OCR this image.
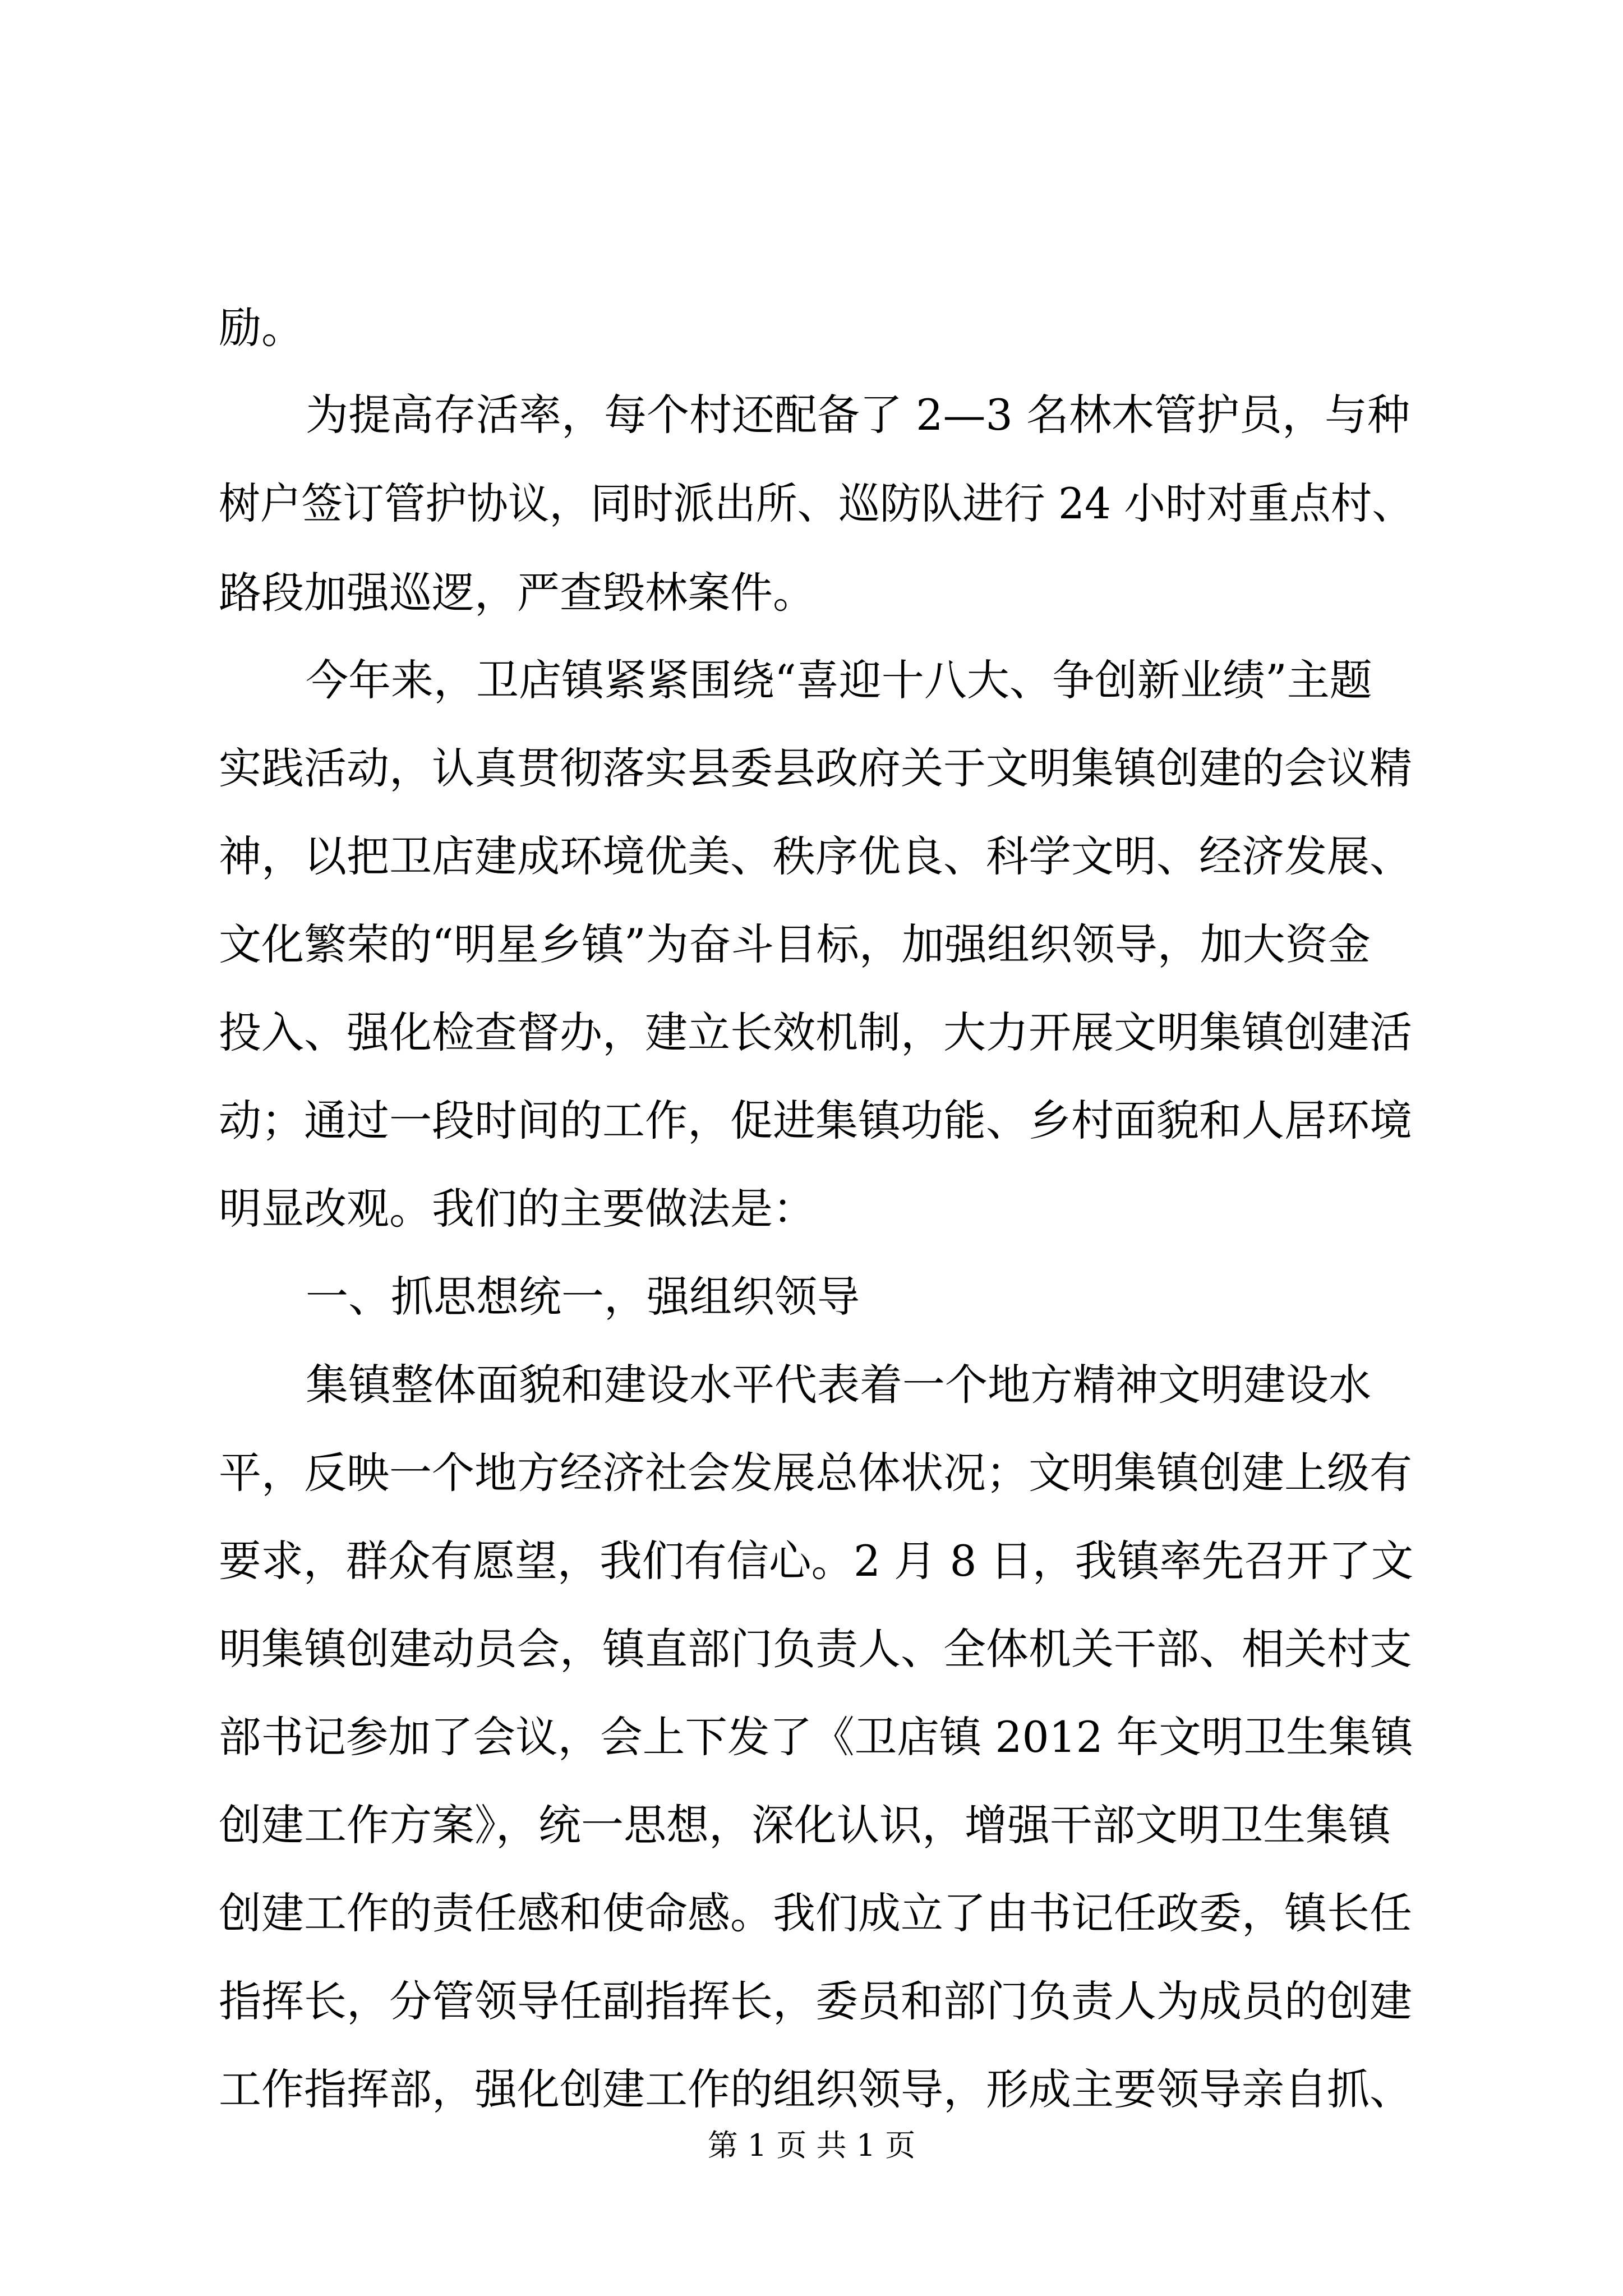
励。
为提高存活率，每个村还配备了 2—3 名林木管护员，与种
树户签订管护协议，同时派出所、巡防队进行 24 小时对重点村、
路段加强巡逻，严查毁林案件。
今年来，卫店镇紧紧围绕“喜迎十八大、争创新业绩”主题
实践活动，认真贯彻落实县委县政府关于文明集镇创建的会议精
神，以把卫店建成环境优美、秩序优良、科学文明、经济发展、
文化繁荣的“明星乡镇”为奋斗目标，加强组织领导，加大资金
投入、强化检查督办，建立长效机制，大力开展文明集镇创建活
动；通过一段时间的工作，促进集镇功能、乡村面貌和人居环境
明显改观。我们的主要做法是：
一、抓思想统一，强组织领导
集镇整体面貌和建设水平代表着一个地方精神文明建设水
平，反映一个地方经济社会发展总体状况；文明集镇创建上级有
要求，群众有愿望，我们有信心。2 月 8 日，我镇率先召开了文
明集镇创建动员会，镇直部门负责人、全体机关干部、相关村支
部书记参加了会议，会上下发了《卫店镇 2012 年文明卫生集镇
创建工作方案》，统一思想，深化认识，增强干部文明卫生集镇
创建工作的责任感和使命感。我们成立了由书记任政委，镇长任
指挥长，分管领导任副指挥长，委员和部门负责人为成员的创建
工作指挥部，强化创建工作的组织领导，形成主要领导亲自抓、
第 1 页 共 1 页
